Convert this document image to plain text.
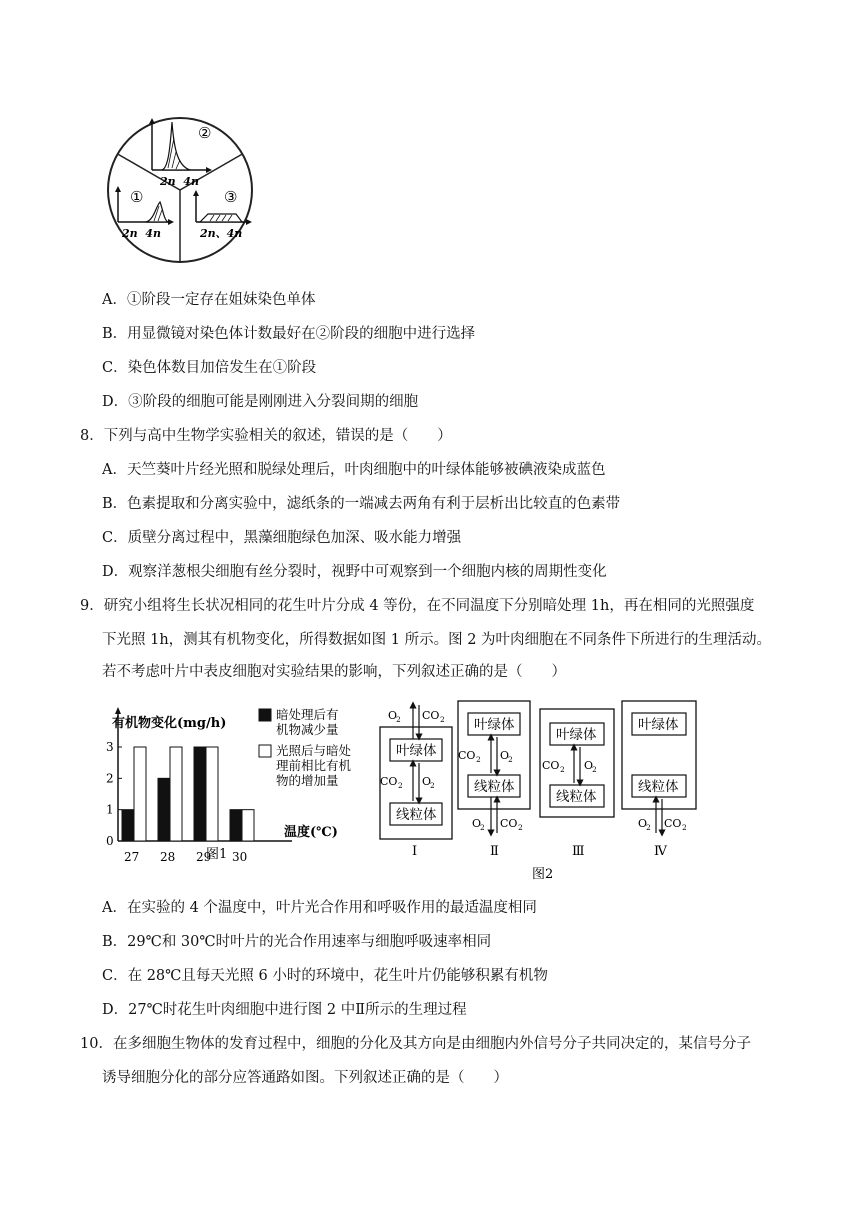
②
2n  4n
①
2n  4n
③
2n、4n
A．①阶段一定存在姐妹染色单体
B．用显微镜对染色体计数最好在②阶段的细胞中进行选择
C．染色体数目加倍发生在①阶段
D．③阶段的细胞可能是刚刚进入分裂间期的细胞
8．下列与高中生物学实验相关的叙述，错误的是（　　）
A．天竺葵叶片经光照和脱绿处理后，叶肉细胞中的叶绿体能够被碘液染成蓝色
B．色素提取和分离实验中，滤纸条的一端减去两角有利于层析出比较直的色素带
C．质壁分离过程中，黑藻细胞绿色加深、吸水能力增强
D．观察洋葱根尖细胞有丝分裂时，视野中可观察到一个细胞内核的周期性变化
9．研究小组将生长状况相同的花生叶片分成 4 等份，在不同温度下分别暗处理 1h，再在相同的光照强度
下光照 1h，测其有机物变化，所得数据如图 1 所示。图 2 为叶肉细胞在不同条件下所进行的生理活动。
若不考虑叶片中表皮细胞对实验结果的影响，下列叙述正确的是（　　）
有机物变化(mg/h)
0
1
2
3
27 28 29 30
温度(℃)
图1
暗处理后有
机物减少量
光照后与暗处
理前相比有机
物的增加量
叶绿体
线粒体
O
2 CO 2
CO 2 O
2
叶绿体
线粒体
CO 2 O
2
O
2 CO 2
叶绿体
线粒体
CO 2 O
2
叶绿体
线粒体
O
2 CO 2
Ⅰ	Ⅱ	Ⅲ	Ⅳ
图2
A．在实验的 4 个温度中，叶片光合作用和呼吸作用的最适温度相同
B．29℃和 30℃时叶片的光合作用速率与细胞呼吸速率相同
C．在 28℃且每天光照 6 小时的环境中，花生叶片仍能够积累有机物
D．27℃时花生叶肉细胞中进行图 2 中Ⅱ所示的生理过程
10．在多细胞生物体的发育过程中，细胞的分化及其方向是由细胞内外信号分子共同决定的，某信号分子
诱导细胞分化的部分应答通路如图。下列叙述正确的是（　　）
